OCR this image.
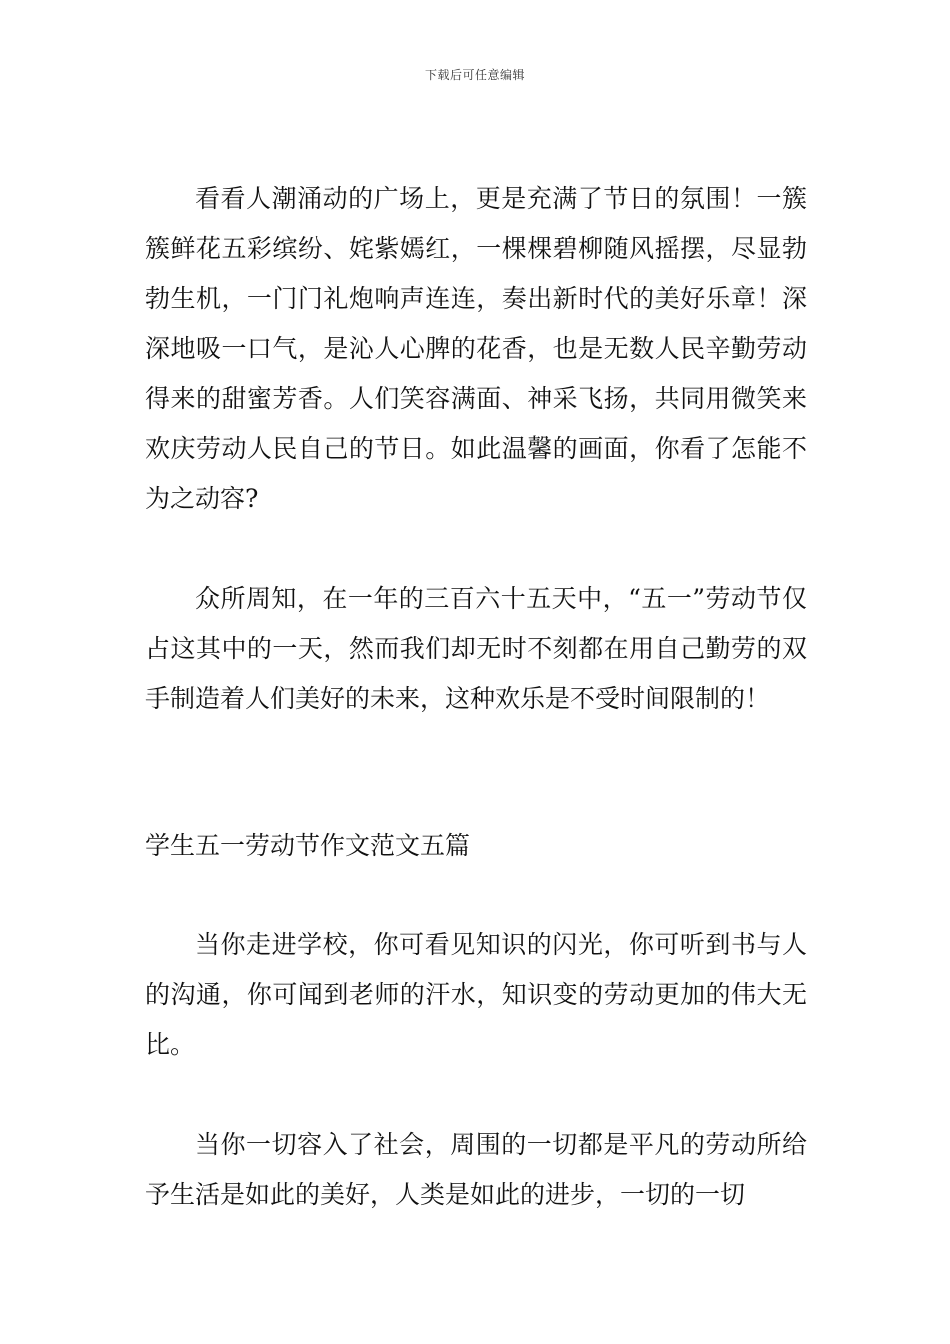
下载后可任意编辑

看看人潮涌动的广场上，更是充满了节日的氛围！一簇簇鲜花五彩缤纷、姹紫嫣红，一棵棵碧柳随风摇摆，尽显勃勃生机，一门门礼炮响声连连，奏出新时代的美好乐章！深深地吸一口气，是沁人心脾的花香，也是无数人民辛勤劳动得来的甜蜜芳香。人们笑容满面、神采飞扬，共同用微笑来欢庆劳动人民自己的节日。如此温馨的画面，你看了怎能不为之动容?

众所周知，在一年的三百六十五天中，“五一”劳动节仅占这其中的一天，然而我们却无时不刻都在用自己勤劳的双手制造着人们美好的未来，这种欢乐是不受时间限制的！

学生五一劳动节作文范文五篇

当你走进学校，你可看见知识的闪光，你可听到书与人的沟通，你可闻到老师的汗水，知识变的劳动更加的伟大无比。

当你一切容入了社会，周围的一切都是平凡的劳动所给予生活是如此的美好，人类是如此的进步，一切的一切
